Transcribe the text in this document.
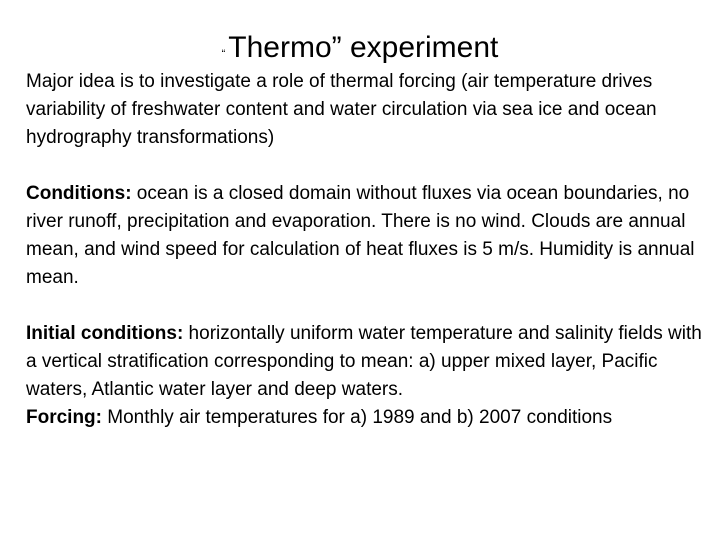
“ Thermo” experiment

Major idea is to investigate a role of thermal forcing (air temperature drives variability of freshwater content and water circulation via sea ice and ocean hydrography transformations)

Conditions: ocean is a closed domain without fluxes via ocean boundaries, no river runoff, precipitation and evaporation. There is no wind. Clouds are annual mean, and wind speed for calculation of heat fluxes is 5 m/s. Humidity is annual mean.

Initial conditions: horizontally uniform water temperature and salinity fields with a vertical stratification corresponding to mean: a) upper mixed layer, Pacific waters, Atlantic water layer and deep waters.

Forcing: Monthly air temperatures for a) 1989 and b) 2007 conditions
